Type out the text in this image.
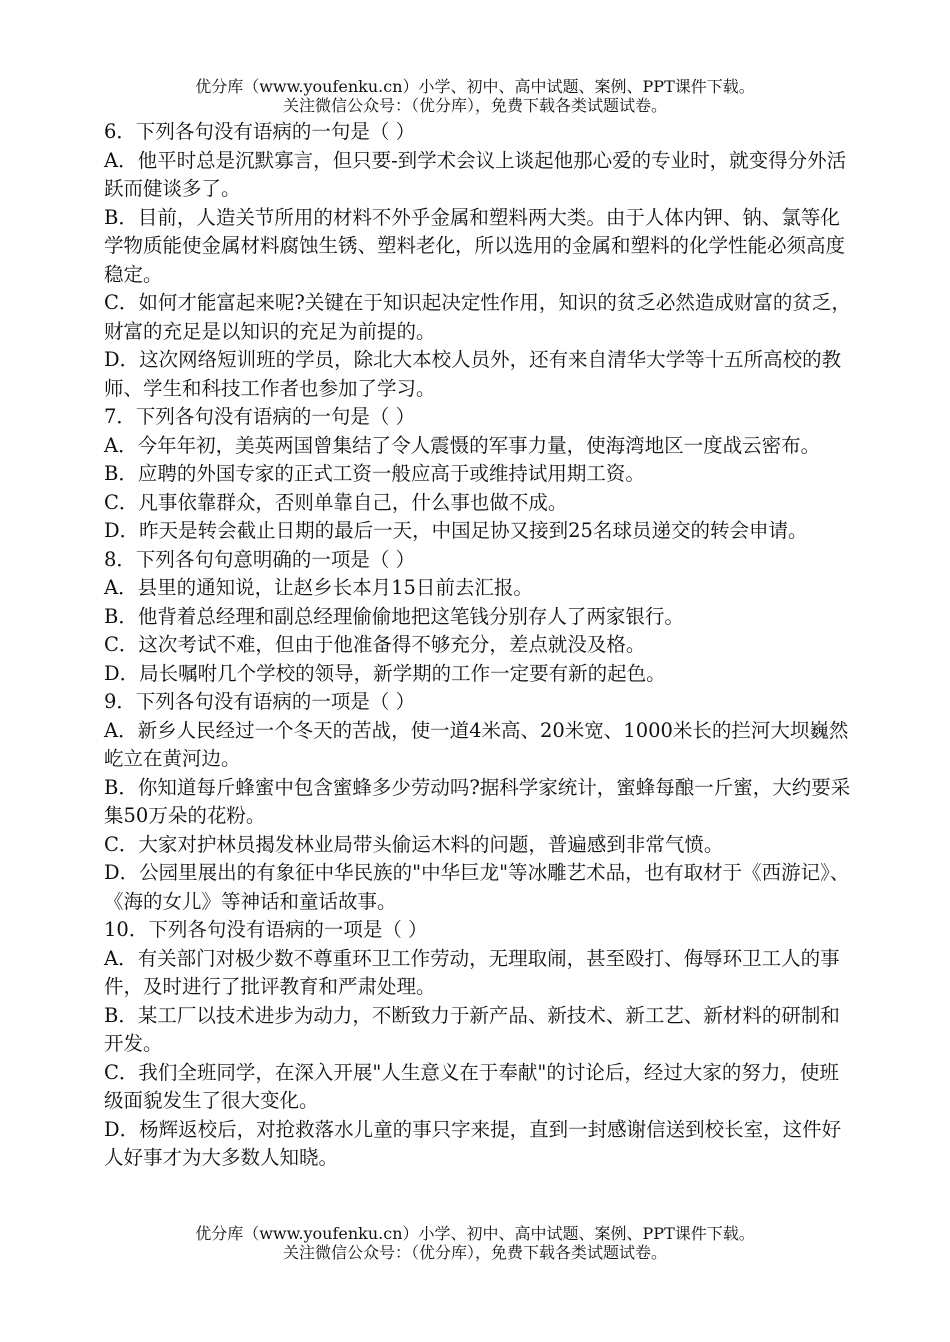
优分库（www.youfenku.cn）小学、初中、高中试题、案例、PPT课件下载。
关注微信公众号：（优分库），免费下载各类试题试卷。

6．下列各句没有语病的一句是（ ）

A．他平时总是沉默寡言，但只要-到学术会议上谈起他那心爱的专业时，就变得分外活跃而健谈多了。

B．目前，人造关节所用的材料不外乎金属和塑料两大类。由于人体内钾、钠、氯等化学物质能使金属材料腐蚀生锈、塑料老化，所以选用的金属和塑料的化学性能必须高度稳定。

C．如何才能富起来呢?关键在于知识起决定性作用，知识的贫乏必然造成财富的贫乏，财富的充足是以知识的充足为前提的。

D．这次网络短训班的学员，除北大本校人员外，还有来自清华大学等十五所高校的教师、学生和科技工作者也参加了学习。

7．下列各句没有语病的一句是（ ）

A．今年年初，美英两国曾集结了令人震慑的军事力量，使海湾地区一度战云密布。

B．应聘的外国专家的正式工资一般应高于或维持试用期工资。

C．凡事依靠群众，否则单靠自己，什么事也做不成。

D．昨天是转会截止日期的最后一天，中国足协又接到25名球员递交的转会申请。

8．下列各句句意明确的一项是（ ）

A．县里的通知说，让赵乡长本月15日前去汇报。

B．他背着总经理和副总经理偷偷地把这笔钱分别存人了两家银行。

C．这次考试不难，但由于他准备得不够充分，差点就没及格。

D．局长嘱咐几个学校的领导，新学期的工作一定要有新的起色。

9．下列各句没有语病的一项是（ ）

A．新乡人民经过一个冬天的苦战，使一道4米高、20米宽、1000米长的拦河大坝巍然屹立在黄河边。

B．你知道每斤蜂蜜中包含蜜蜂多少劳动吗?据科学家统计，蜜蜂每酿一斤蜜，大约要采集50万朵的花粉。

C．大家对护林员揭发林业局带头偷运木料的问题，普遍感到非常气愤。

D．公园里展出的有象征中华民族的"中华巨龙"等冰雕艺术品，也有取材于《西游记》、《海的女儿》等神话和童话故事。

10．下列各句没有语病的一项是（ ）

A．有关部门对极少数不尊重环卫工作劳动，无理取闹，甚至殴打、侮辱环卫工人的事件，及时进行了批评教育和严肃处理。

B．某工厂以技术进步为动力，不断致力于新产品、新技术、新工艺、新材料的研制和开发。

C．我们全班同学，在深入开展"人生意义在于奉献"的讨论后，经过大家的努力，使班级面貌发生了很大变化。

D．杨辉返校后，对抢救落水儿童的事只字来提，直到一封感谢信送到校长室，这件好人好事才为大多数人知晓。

优分库（www.youfenku.cn）小学、初中、高中试题、案例、PPT课件下载。
关注微信公众号：（优分库），免费下载各类试题试卷。
